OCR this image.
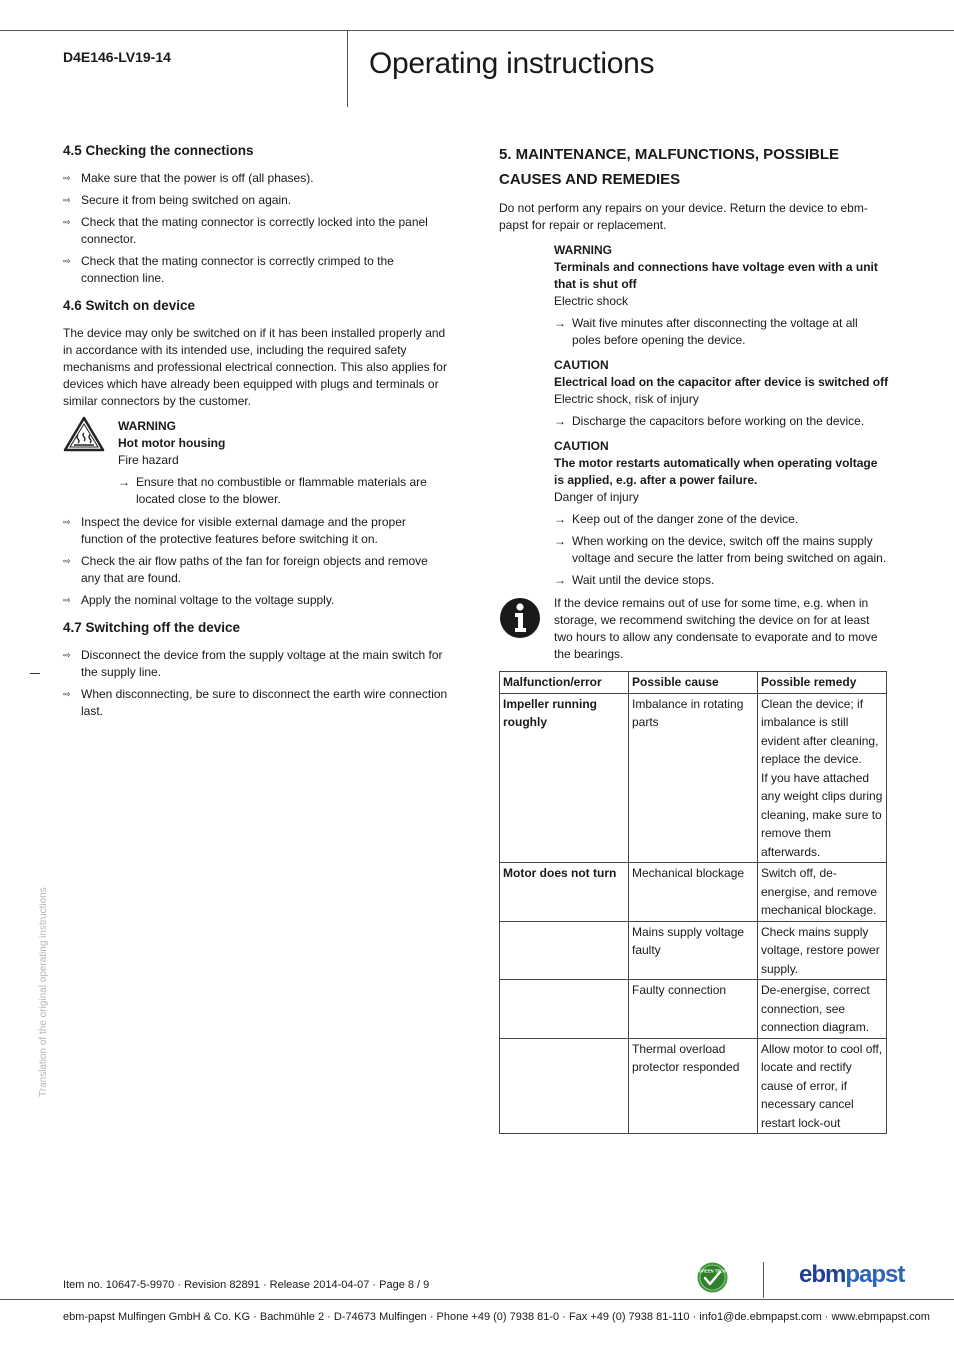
D4E146-LV19-14	Operating instructions
4.5 Checking the connections
⇨ Make sure that the power is off (all phases).
⇨ Secure it from being switched on again.
⇨ Check that the mating connector is correctly locked into the panel connector.
⇨ Check that the mating connector is correctly crimped to the connection line.
4.6 Switch on device

The device may only be switched on if it has been installed properly and in accordance with its intended use, including the required safety mechanisms and professional electrical connection. This also applies for devices which have already been equipped with plugs and terminals or similar connectors by the customer.

WARNING
Hot motor housing
Fire hazard
→ Ensure that no combustible or flammable materials are located close to the blower.
⇨ Inspect the device for visible external damage and the proper function of the protective features before switching it on.
⇨ Check the air flow paths of the fan for foreign objects and remove any that are found.
⇨ Apply the nominal voltage to the voltage supply.
4.7 Switching off the device
⇨ Disconnect the device from the supply voltage at the main switch for the supply line.
⇨ When disconnecting, be sure to disconnect the earth wire connection last.
5. MAINTENANCE, MALFUNCTIONS, POSSIBLE
CAUSES AND REMEDIES

Do not perform any repairs on your device. Return the device to ebm-papst for repair or replacement.

WARNING
Terminals and connections have voltage even with a unit that is shut off
Electric shock
→ Wait five minutes after disconnecting the voltage at all poles before opening the device.
CAUTION
Electrical load on the capacitor after device is switched off
Electric shock, risk of injury
→ Discharge the capacitors before working on the device.
CAUTION
The motor restarts automatically when operating voltage is applied, e.g. after a power failure.
Danger of injury
→ Keep out of the danger zone of the device.
→ When working on the device, switch off the mains supply voltage and secure the latter from being switched on again.
→ Wait until the device stops.
If the device remains out of use for some time, e.g. when in storage, we recommend switching the device on for at least two hours to allow any condensate to evaporate and to move the bearings.
Malfunction/error	Possible cause	Possible remedy
Impeller running roughly	Imbalance in rotating parts	Clean the device; if imbalance is still evident after cleaning, replace the device.
If you have attached any weight clips during cleaning, make sure to remove them afterwards.
Motor does not turn	Mechanical blockage	Switch off, de-energise, and remove mechanical blockage.
	Mains supply voltage faulty	Check mains supply voltage, restore power supply.
	Faulty connection	De-energise, correct connection, see connection diagram.
	Thermal overload protector responded	Allow motor to cool off, locate and rectify cause of error, if necessary cancel restart lock-out
Translation of the original operating instructions
Item no. 10647-5-9970 · Revision 82891 · Release 2014-04-07 · Page 8 / 9
GREEN TECH	ebmpapst
ebm-papst Mulfingen GmbH & Co. KG · Bachmühle 2 · D-74673 Mulfingen · Phone +49 (0) 7938 81-0 · Fax +49 (0) 7938 81-110 · info1@de.ebmpapst.com · www.ebmpapst.com
